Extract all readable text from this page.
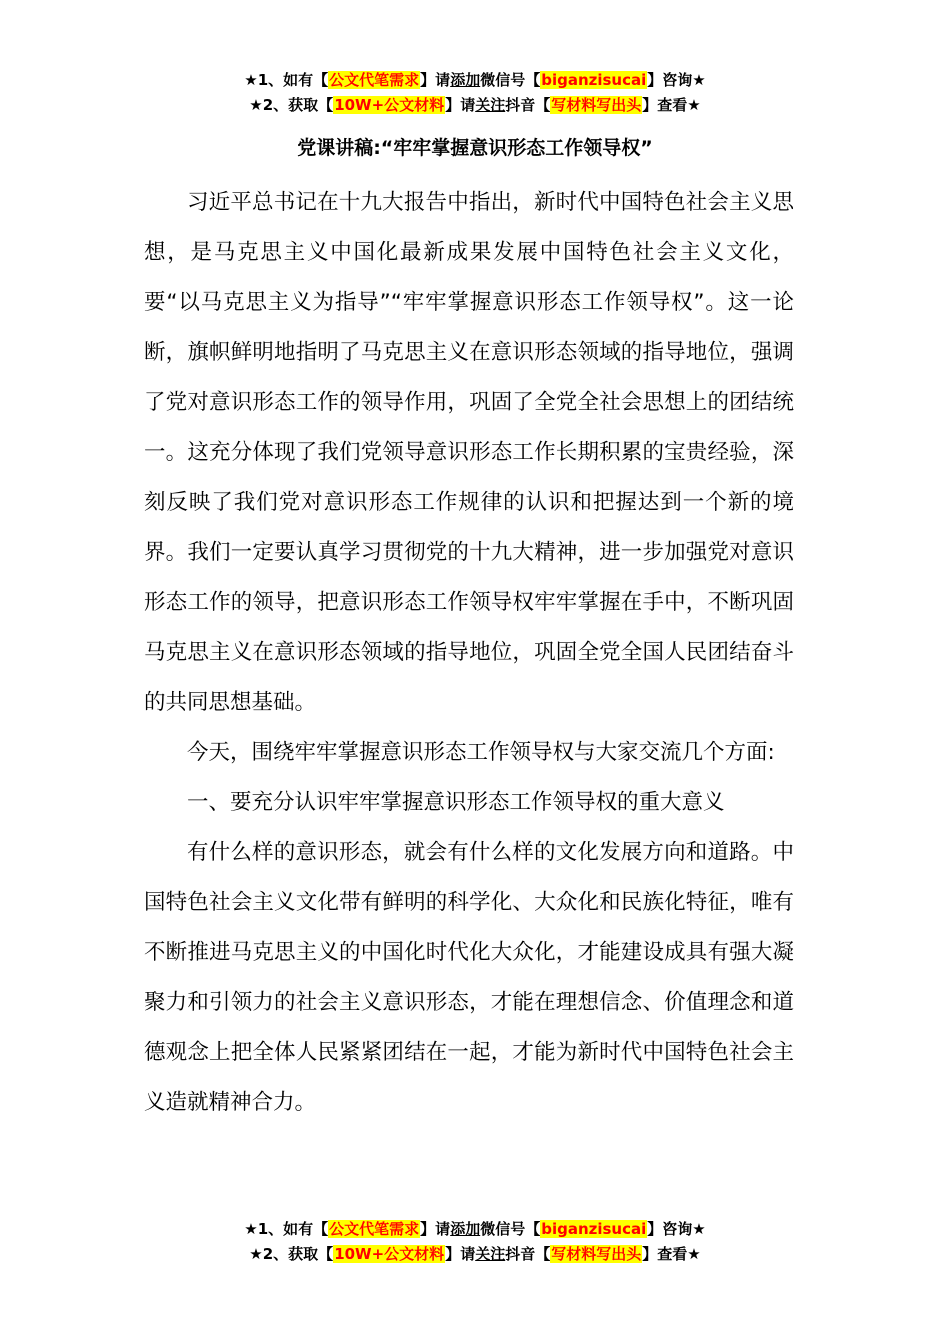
★1、如有【公文代笔需求】请添加微信号【biganzisucai】咨询★
★2、获取【10W+公文材料】请关注抖音【写材料写出头】查看★
党课讲稿:“牢牢掌握意识形态工作领导权”

习近平总书记在十九大报告中指出，新时代中国特色社会主义思想，是马克思主义中国化最新成果发展中国特色社会主义文化，要“以马克思主义为指导”“牢牢掌握意识形态工作领导权”。这一论断，旗帜鲜明地指明了马克思主义在意识形态领域的指导地位，强调了党对意识形态工作的领导作用，巩固了全党全社会思想上的团结统一。这充分体现了我们党领导意识形态工作长期积累的宝贵经验，深刻反映了我们党对意识形态工作规律的认识和把握达到一个新的境界。我们一定要认真学习贯彻党的十九大精神，进一步加强党对意识形态工作的领导，把意识形态工作领导权牢牢掌握在手中，不断巩固马克思主义在意识形态领域的指导地位，巩固全党全国人民团结奋斗的共同思想基础。

今天，围绕牢牢掌握意识形态工作领导权与大家交流几个方面:

一、要充分认识牢牢掌握意识形态工作领导权的重大意义

有什么样的意识形态，就会有什么样的文化发展方向和道路。中国特色社会主义文化带有鲜明的科学化、大众化和民族化特征，唯有不断推进马克思主义的中国化时代化大众化，才能建设成具有强大凝聚力和引领力的社会主义意识形态，才能在理想信念、价值理念和道德观念上把全体人民紧紧团结在一起，才能为新时代中国特色社会主义造就精神合力。

★1、如有【公文代笔需求】请添加微信号【biganzisucai】咨询★
★2、获取【10W+公文材料】请关注抖音【写材料写出头】查看★
